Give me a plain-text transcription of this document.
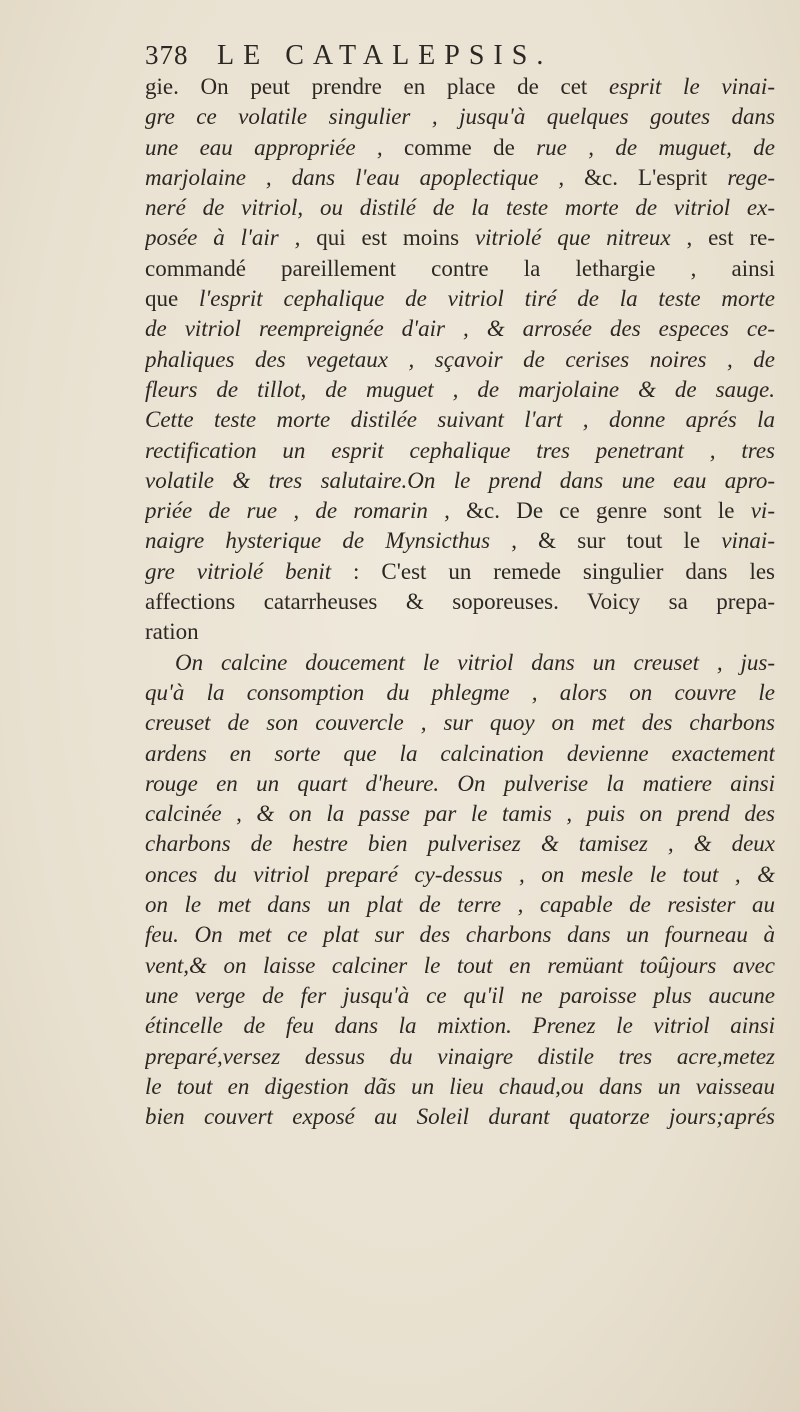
378 LE CATALEPSIS.
gie. On peut prendre en place de cet esprit le vinai-
gre ce volatile singulier , jusqu'à quelques goutes dans
une eau appropriée , comme de rue , de muguet, de
marjolaine , dans l'eau apoplectique , &c. L'esprit rege-
neré de vitriol, ou distilé de la teste morte de vitriol ex-
posée à l'air , qui est moins vitriolé que nitreux , est re-
commandé pareillement contre la lethargie , ainsi
que l'esprit cephalique de vitriol tiré de la teste morte
de vitriol reempreignée d'air , & arrosée des especes ce-
phaliques des vegetaux , sçavoir de cerises noires , de
fleurs de tillot, de muguet , de marjolaine & de sauge.
Cette teste morte distilée suivant l'art , donne aprés la
rectification un esprit cephalique tres penetrant , tres
volatile & tres salutaire.On le prend dans une eau apro-
priée de rue , de romarin , &c. De ce genre sont le vi-
naigre hysterique de Mynsicthus , & sur tout le vinai-
gre vitriolé benit : C'est un remede singulier dans les
affections catarrheuses & soporeuses. Voicy sa prepa-
ration
On calcine doucement le vitriol dans un creuset , jus-
qu'à la consomption du phlegme , alors on couvre le
creuset de son couvercle , sur quoy on met des charbons
ardens en sorte que la calcination devienne exactement
rouge en un quart d'heure. On pulverise la matiere ainsi
calcinée , & on la passe par le tamis , puis on prend des
charbons de hestre bien pulverisez & tamisez , & deux
onces du vitriol preparé cy-dessus , on mesle le tout , &
on le met dans un plat de terre , capable de resister au
feu. On met ce plat sur des charbons dans un fourneau à
vent,& on laisse calciner le tout en remüant toûjours avec
une verge de fer jusqu'à ce qu'il ne paroisse plus aucune
étincelle de feu dans la mixtion. Prenez le vitriol ainsi
preparé,versez dessus du vinaigre distile tres acre,metez
le tout en digestion dãs un lieu chaud,ou dans un vaisseau
bien couvert exposé au Soleil durant quatorze jours;aprés
